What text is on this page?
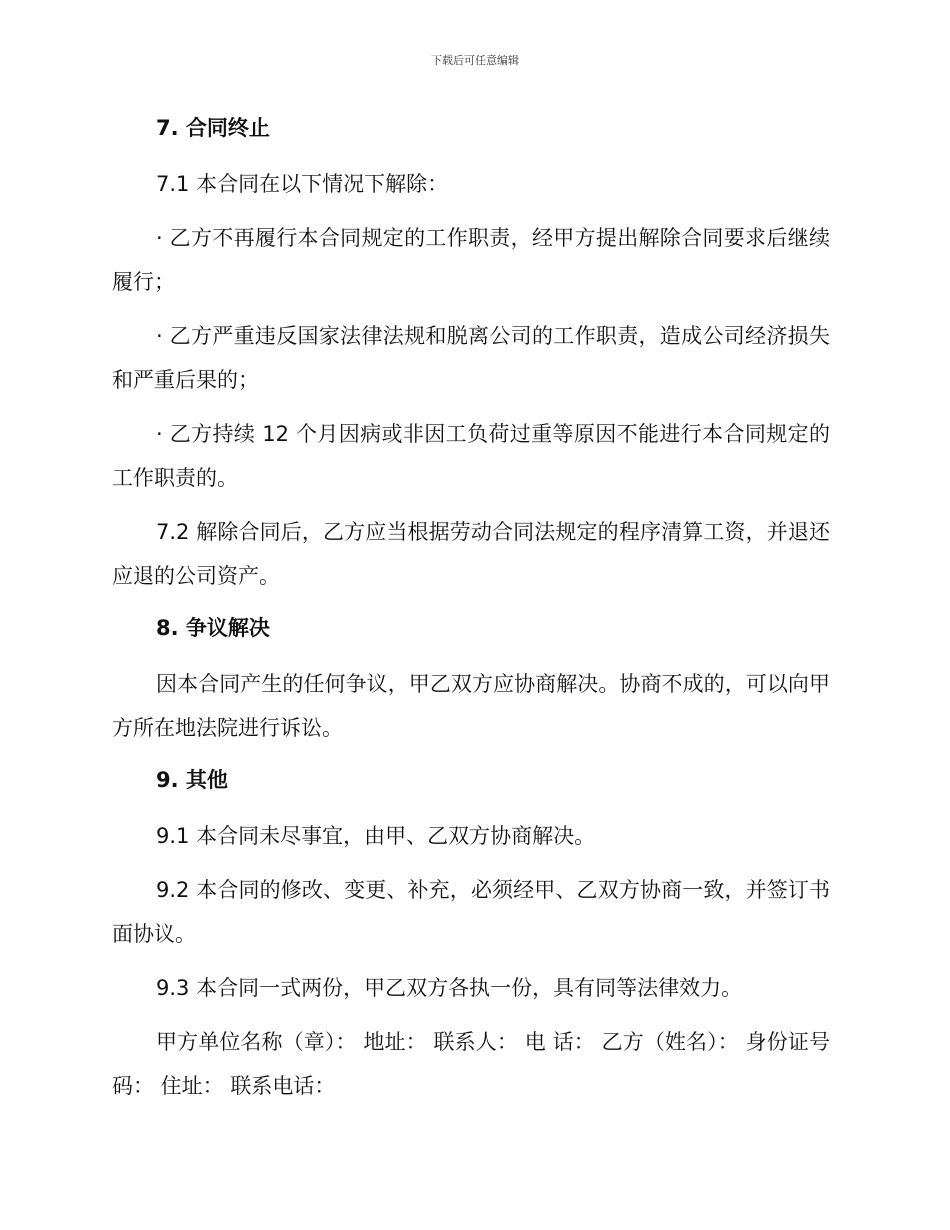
下载后可任意编辑

7. 合同终止

7.1 本合同在以下情况下解除：

· 乙方不再履行本合同规定的工作职责，经甲方提出解除合同要求后继续履行；

· 乙方严重违反国家法律法规和脱离公司的工作职责，造成公司经济损失和严重后果的；

· 乙方持续 12 个月因病或非因工负荷过重等原因不能进行本合同规定的工作职责的。

7.2 解除合同后，乙方应当根据劳动合同法规定的程序清算工资，并退还应退的公司资产。

8. 争议解决

因本合同产生的任何争议，甲乙双方应协商解决。协商不成的，可以向甲方所在地法院进行诉讼。

9. 其他

9.1 本合同未尽事宜，由甲、乙双方协商解决。

9.2 本合同的修改、变更、补充，必须经甲、乙双方协商一致，并签订书面协议。

9.3 本合同一式两份，甲乙双方各执一份，具有同等法律效力。

甲方单位名称（章）： 地址： 联系人： 电 话： 乙方（姓名）： 身份证号码： 住址： 联系电话：
